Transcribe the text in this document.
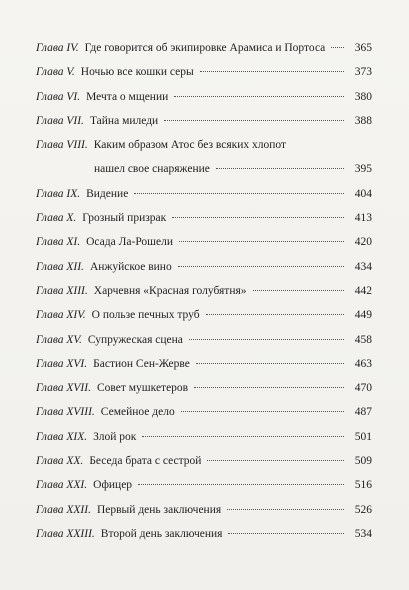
Глава IV. Где говорится об экипировке Арамиса и Портоса	365
Глава V. Ночью все кошки серы	373
Глава VI. Мечта о мщении	380
Глава VII. Тайна миледи	388
Глава VIII. Каким образом Атос без всяких хлопот
нашел свое снаряжение	395
Глава IX. Видение	404
Глава X. Грозный призрак	413
Глава XI. Осада Ла-Рошели	420
Глава XII. Анжуйское вино	434
Глава XIII. Харчевня «Красная голубятня»	442
Глава XIV. О пользе печных труб	449
Глава XV. Супружеская сцена	458
Глава XVI. Бастион Сен-Жерве	463
Глава XVII. Совет мушкетеров	470
Глава XVIII. Семейное дело	487
Глава XIX. Злой рок	501
Глава XX. Беседа брата с сестрой	509
Глава XXI. Офицер	516
Глава XXII. Первый день заключения	526
Глава XXIII. Второй день заключения	534
